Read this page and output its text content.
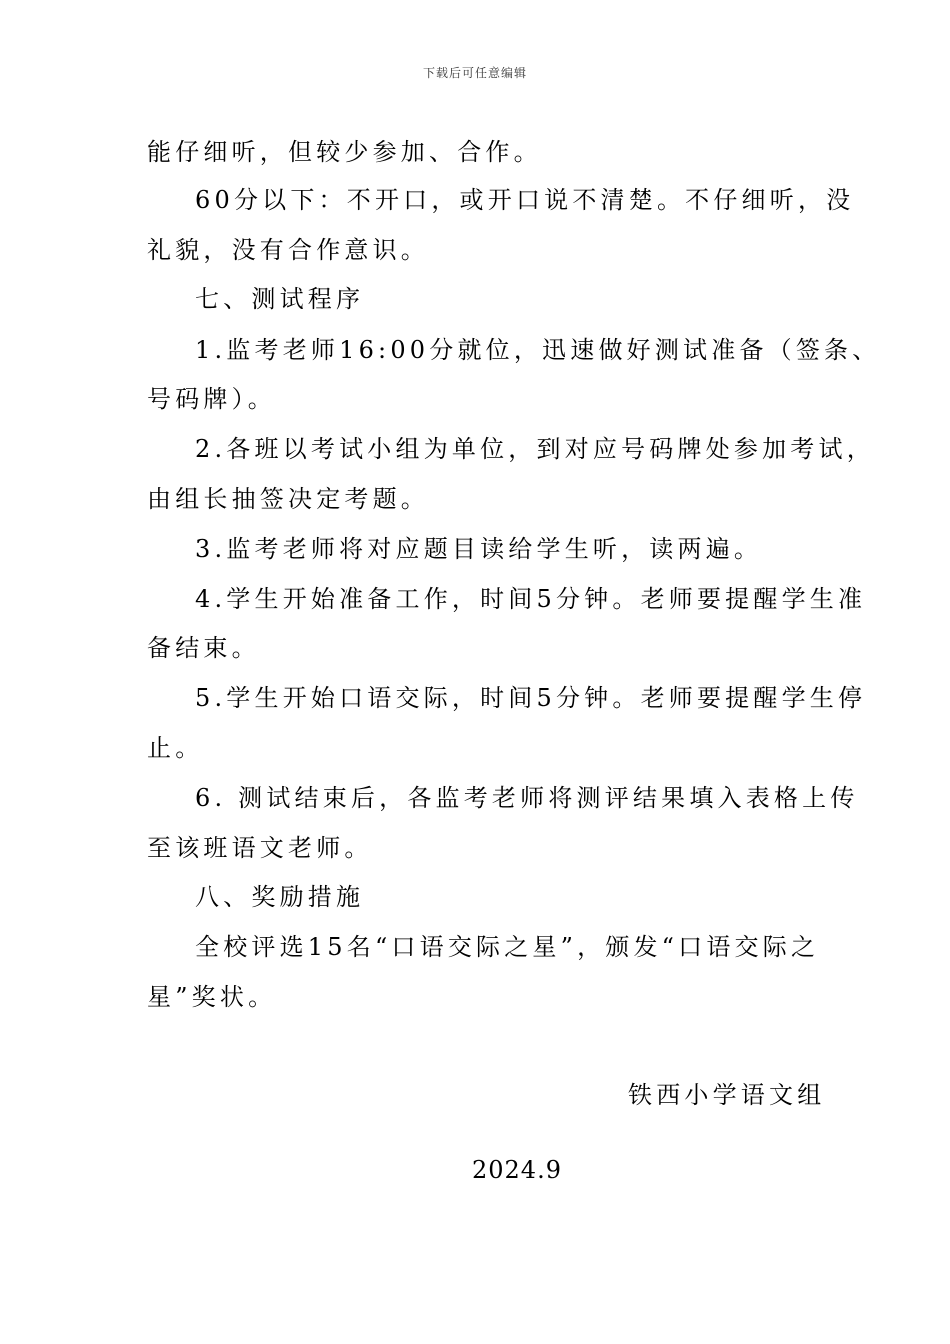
下载后可任意编辑
能仔细听，但较少参加、合作。
60分以下：不开口，或开口说不清楚。不仔细听，没
礼貌，没有合作意识。
七、测试程序
1.监考老师16:00分就位，迅速做好测试准备（签条、
号码牌）。
2.各班以考试小组为单位，到对应号码牌处参加考试，
由组长抽签决定考题。
3.监考老师将对应题目读给学生听，读两遍。
4.学生开始准备工作，时间5分钟。老师要提醒学生准
备结束。
5.学生开始口语交际，时间5分钟。老师要提醒学生停
止。
6. 测试结束后，各监考老师将测评结果填入表格上传
至该班语文老师。
八、奖励措施
全校评选15名“口语交际之星”，颁发“口语交际之
星”奖状。
铁西小学语文组
2024.9
